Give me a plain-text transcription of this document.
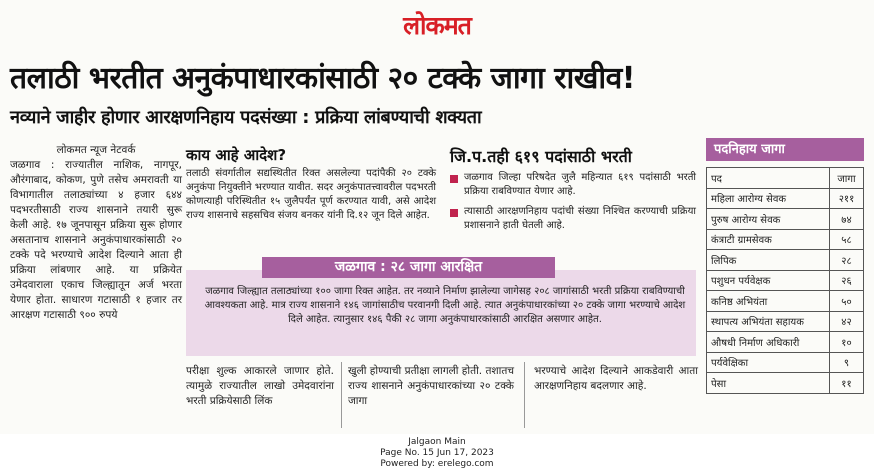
लोकमत
तलाठी भरतीत अनुकंपाधारकांसाठी २० टक्के जागा राखीव!
नव्याने जाहीर होणार आरक्षणनिहाय पदसंख्या : प्रक्रिया लांबण्याची शक्यता
लोकमत न्यूज नेटवर्क
जळगाव : राज्यातील नाशिक, नागपूर, औरंगाबाद, कोकण, पुणे तसेच अमरावती या विभागातील तलाठ्यांच्या ४ हजार ६४४ पदभरतीसाठी राज्य शासनाने तयारी सुरू केली आहे. १७ जूनपासून प्रक्रिया सुरू होणार असतानाच शासनाने अनुकंपाधारकांसाठी २० टक्के पदे भरण्याचे आदेश दिल्याने आता ही प्रक्रिया लांबणार आहे. या प्रक्रियेत उमेदवाराला एकाच जिल्ह्यातून अर्ज भरता येणार होता. साधारण गटासाठी १ हजार तर आरक्षण गटासाठी ९०० रुपये
काय आहे आदेश?
तलाठी संवर्गातील सद्यस्थितीत रिक्त असलेल्या पदांपैकी २० टक्के अनुकंपा नियुक्तीने भरण्यात यावीत. सदर अनुकंपातत्त्वावरील पदभरती कोणत्याही परिस्थितीत १५ जुलैपर्यंत पूर्ण करण्यात यावी, असे आदेश राज्य शासनाचे सहसचिव संजय बनकर यांनी दि.१२ जून दिले आहेत.
जि.प.तही ६१९ पदांसाठी भरती
जळगाव जिल्हा परिषदेत जुलै महिन्यात ६१९ पदांसाठी भरती प्रक्रिया राबविण्यात येणार आहे.
त्यासाठी आरक्षणनिहाय पदांची संख्या निश्चित करण्याची प्रक्रिया प्रशासनाने हाती घेतली आहे.
जळगाव : २८ जागा आरक्षित
जळगाव जिल्ह्यात तलाठ्यांच्या १०० जागा रिक्त आहेत. तर नव्याने निर्माण झालेल्या जागेसह २०८ जागांसाठी भरती प्रक्रिया राबविण्याची आवश्यकता आहे. मात्र राज्य शासनाने १४६ जागांसाठीच परवानगी दिली आहे. त्यात अनुकंपाधारकांच्या २० टक्के जागा भरण्याचे आदेश दिले आहेत. त्यानुसार १४६ पैकी २८ जागा अनुकंपाधारकांसाठी आरक्षित असणार आहेत.
परीक्षा शुल्क आकारले जाणार होते. त्यामुळे राज्यातील लाखो उमेदवारांना भरती प्रक्रियेसाठी लिंक
खुली होण्याची प्रतीक्षा लागली होती. तशातच राज्य शासनाने अनुकंपाधारकांच्या २० टक्के जागा
भरण्याचे आदेश दिल्याने आकडेवारी आता आरक्षणनिहाय बदलणार आहे.
पदनिहाय जागा
पद	जागा
महिला आरोग्य सेवक	२११
पुरुष आरोग्य सेवक	७४
कंत्राटी ग्रामसेवक	५८
लिपिक	२८
पशुधन पर्यवेक्षक	२६
कनिष्ठ अभियंता	५०
स्थापत्य अभियंता सहायक	४२
औषधी निर्माण अधिकारी	१०
पर्यवेक्षिका	९
पेसा	११
Jalgaon Main
Page No. 15 Jun 17, 2023
Powered by: erelego.com
